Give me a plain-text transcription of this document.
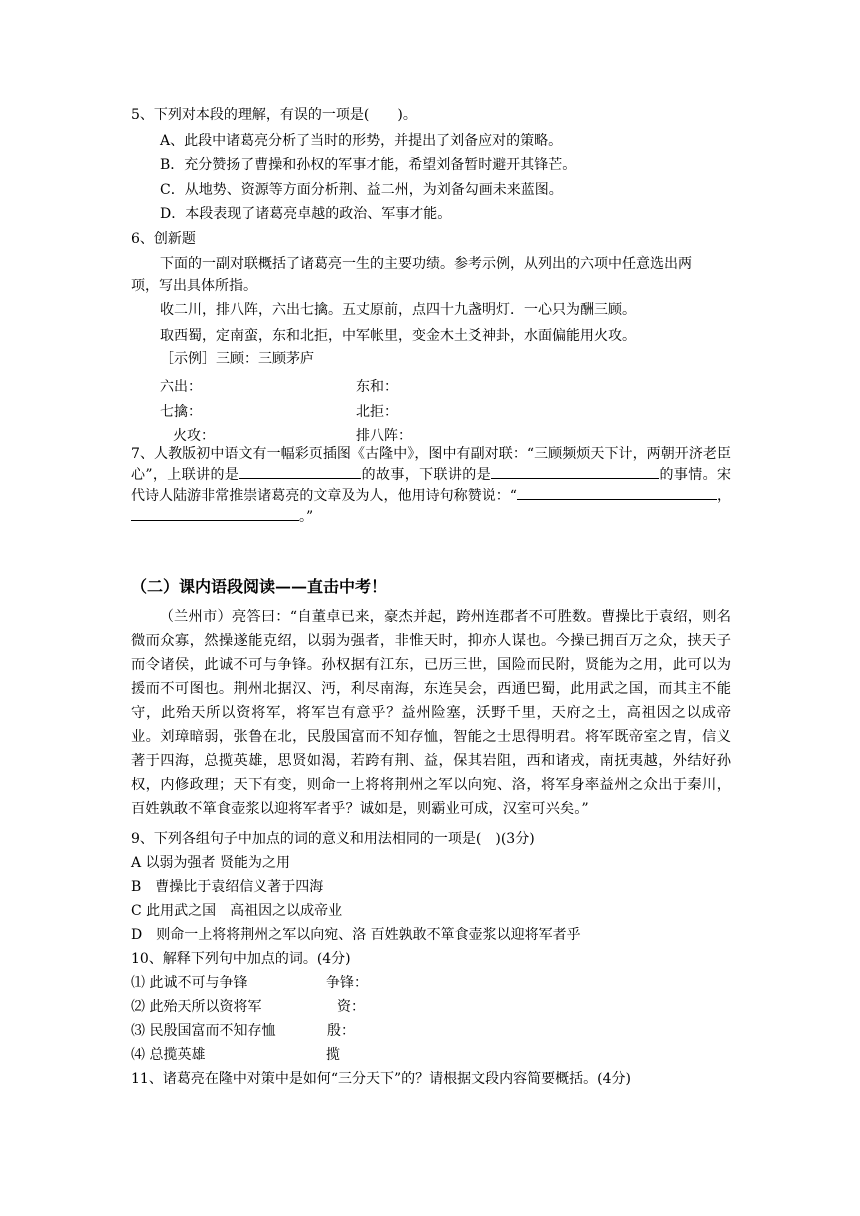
5、下列对本段的理解，有误的一项是(　　)。
A、此段中诸葛亮分析了当时的形势，并提出了刘备应对的策略。
B．充分赞扬了曹操和孙权的军事才能，希望刘备暂时避开其锋芒。
C．从地势、资源等方面分析荆、益二州，为刘备勾画未来蓝图。
D．本段表现了诸葛亮卓越的政治、军事才能。
6、创新题
下面的一副对联概括了诸葛亮一生的主要功绩。参考示例，从列出的六项中任意选出两
项，写出具体所指。
收二川，排八阵，六出七擒。五丈原前，点四十九盏明灯．一心只为酬三顾。
取西蜀，定南蛮，东和北拒，中军帐里，变金木土爻神卦，水面偏能用火攻。
［示例］三顾：三顾茅庐
六出：	东和：
七擒：	北拒：
火攻：	排八阵：
7、人教版初中语文有一幅彩页插图《古隆中》，图中有副对联：“三顾频烦天下计，两朝开济老臣心”，上联讲的是	的故事，下联讲的是	的事情。宋代诗人陆游非常推崇诸葛亮的文章及为人，他用诗句称赞说：“	，。”
（二）课内语段阅读——直击中考！

（兰州市）亮答曰：“自董卓已来，豪杰并起，跨州连郡者不可胜数。曹操比于袁绍，则名微而众寡，然操遂能克绍，以弱为强者，非惟天时，抑亦人谋也。今操已拥百万之众，挟天子而令诸侯，此诚不可与争锋。孙权据有江东，已历三世，国险而民附，贤能为之用，此可以为援而不可图也。荆州北据汉、沔，利尽南海，东连吴会，西通巴蜀，此用武之国，而其主不能守，此殆天所以资将军，将军岂有意乎？益州险塞，沃野千里，天府之土，高祖因之以成帝业。刘璋暗弱，张鲁在北，民殷国富而不知存恤，智能之士思得明君。将军既帝室之胄，信义著于四海，总揽英雄，思贤如渴，若跨有荆、益，保其岩阻，西和诸戎，南抚夷越，外结好孙权，内修政理；天下有变，则命一上将将荆州之军以向宛、洛，将军身率益州之众出于秦川，百姓孰敢不箪食壶浆以迎将军者乎？诚如是，则霸业可成，汉室可兴矣。”

9、下列各组句子中加点的词的意义和用法相同的一项是(　)(3分)
A 以弱为强者 贤能为之用
B　曹操比于袁绍信义著于四海
C 此用武之国　高祖因之以成帝业
D　则命一上将将荆州之军以向宛、洛 百姓孰敢不箪食壶浆以迎将军者乎
10、解释下列句中加点的词。(4分)
⑴ 此诚不可与争锋	争锋：
⑵ 此殆天所以资将军	资：
⑶ 民殷国富而不知存恤	殷：
⑷ 总揽英雄	揽
11、诸葛亮在隆中对策中是如何“三分天下”的？请根据文段内容简要概括。(4分)
